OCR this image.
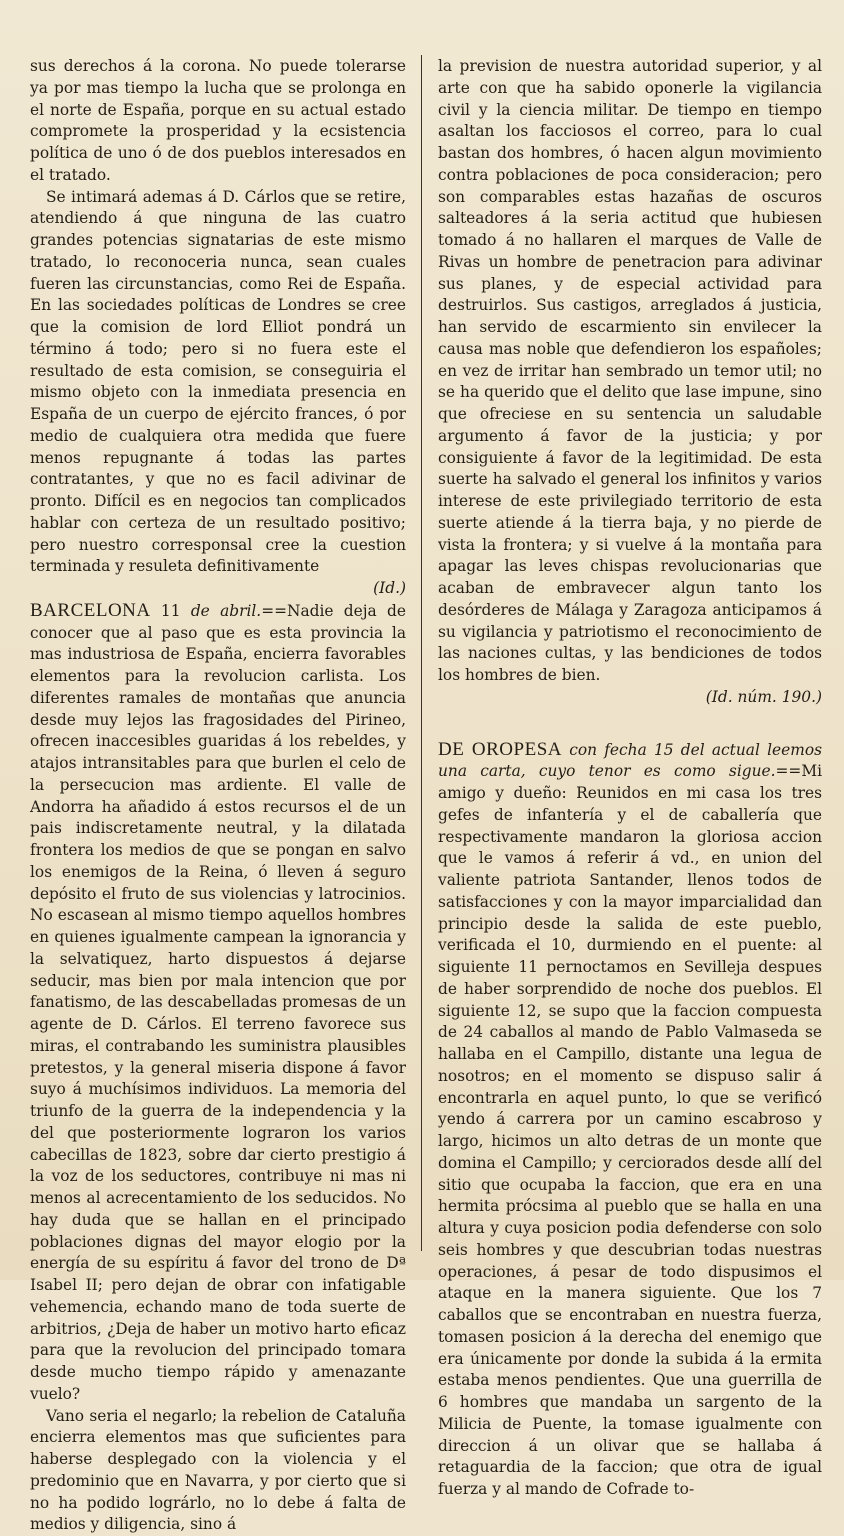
sus derechos á la corona. No puede tolerarse ya por mas tiempo la lucha que se prolonga en el norte de España, porque en su actual estado compromete la prosperidad y la ecsistencia política de uno ó de dos pueblos interesados en el tratado.

Se intimará ademas á D. Cárlos que se retire, atendiendo á que ninguna de las cuatro grandes potencias signatarias de este mismo tratado, lo reconoceria nunca, sean cuales fueren las circunstancias, como Rei de España. En las sociedades políticas de Londres se cree que la comision de lord Elliot pondrá un término á todo; pero si no fuera este el resultado de esta comision, se conseguiria el mismo objeto con la inmediata presencia en España de un cuerpo de ejército frances, ó por medio de cualquiera otra medida que fuere menos repugnante á todas las partes contratantes, y que no es facil adivinar de pronto. Difícil es en negocios tan complicados hablar con certeza de un resultado positivo; pero nuestro corresponsal cree la cuestion terminada y resuleta definitivamente

(Id.)

BARCELONA 11 de abril.==Nadie deja de conocer que al paso que es esta provincia la mas industriosa de España, encierra favorables elementos para la revolucion carlista. Los diferentes ramales de montañas que anuncia desde muy lejos las fragosidades del Pirineo, ofrecen inaccesibles guaridas á los rebeldes, y atajos intransitables para que burlen el celo de la persecucion mas ardiente. El valle de Andorra ha añadido á estos recursos el de un pais indiscretamente neutral, y la dilatada frontera los medios de que se pongan en salvo los enemigos de la Reina, ó lleven á seguro depósito el fruto de sus violencias y latrocinios. No escasean al mismo tiempo aquellos hombres en quienes igualmente campean la ignorancia y la selvatiquez, harto dispuestos á dejarse seducir, mas bien por mala intencion que por fanatismo, de las descabelladas promesas de un agente de D. Cárlos. El terreno favorece sus miras, el contrabando les suministra plausibles pretestos, y la general miseria dispone á favor suyo á muchísimos individuos. La memoria del triunfo de la guerra de la independencia y la del que posteriormente lograron los varios cabecillas de 1823, sobre dar cierto prestigio á la voz de los seductores, contribuye ni mas ni menos al acrecentamiento de los seducidos. No hay duda que se hallan en el principado poblaciones dignas del mayor elogio por la energía de su espíritu á favor del trono de Dª Isabel II; pero dejan de obrar con infatigable vehemencia, echando mano de toda suerte de arbitrios, ¿Deja de haber un motivo harto eficaz para que la revolucion del principado tomara desde mucho tiempo rápido y amenazante vuelo?

Vano seria el negarlo; la rebelion de Cataluña encierra elementos mas que suficientes para haberse desplegado con la violencia y el predominio que en Navarra, y por cierto que si no ha podido lográrlo, no lo debe á falta de medios y diligencia, sino á

la prevision de nuestra autoridad superior, y al arte con que ha sabido oponerle la vigilancia civil y la ciencia militar. De tiempo en tiempo asaltan los facciosos el correo, para lo cual bastan dos hombres, ó hacen algun movimiento contra poblaciones de poca consideracion; pero son comparables estas hazañas de oscuros salteadores á la seria actitud que hubiesen tomado á no hallaren el marques de Valle de Rivas un hombre de penetracion para adivinar sus planes, y de especial actividad para destruirlos. Sus castigos, arreglados á justicia, han servido de escarmiento sin envilecer la causa mas noble que defendieron los españoles; en vez de irritar han sembrado un temor util; no se ha querido que el delito que lase impune, sino que ofreciese en su sentencia un saludable argumento á favor de la justicia; y por consiguiente á favor de la legitimidad. De esta suerte ha salvado el general los infinitos y varios interese de este privilegiado territorio de esta suerte atiende á la tierra baja, y no pierde de vista la frontera; y si vuelve á la montaña para apagar las leves chispas revolucionarias que acaban de embravecer algun tanto los desórderes de Málaga y Zaragoza anticipamos á su vigilancia y patriotismo el reconocimiento de las naciones cultas, y las bendiciones de todos los hombres de bien.

(Id. núm. 190.)

DE OROPESA con fecha 15 del actual leemos una carta, cuyo tenor es como sigue.==Mi amigo y dueño: Reunidos en mi casa los tres gefes de infantería y el de caballería que respectivamente mandaron la gloriosa accion que le vamos á referir á vd., en union del valiente patriota Santander, llenos todos de satisfacciones y con la mayor imparcialidad dan principio desde la salida de este pueblo, verificada el 10, durmiendo en el puente: al siguiente 11 pernoctamos en Sevilleja despues de haber sorprendido de noche dos pueblos. El siguiente 12, se supo que la faccion compuesta de 24 caballos al mando de Pablo Valmaseda se hallaba en el Campillo, distante una legua de nosotros; en el momento se dispuso salir á encontrarla en aquel punto, lo que se verificó yendo á carrera por un camino escabroso y largo, hicimos un alto detras de un monte que domina el Campillo; y cerciorados desde allí del sitio que ocupaba la faccion, que era en una hermita prócsima al pueblo que se halla en una altura y cuya posicion podia defenderse con solo seis hombres y que descubrian todas nuestras operaciones, á pesar de todo dispusimos el ataque en la manera siguiente. Que los 7 caballos que se encontraban en nuestra fuerza, tomasen posicion á la derecha del enemigo que era únicamente por donde la subida á la ermita estaba menos pendientes. Que una guerrilla de 6 hombres que mandaba un sargento de la Milicia de Puente, la tomase igualmente con direccion á un olivar que se hallaba á retaguardia de la faccion; que otra de igual fuerza y al mando de Cofrade to-
